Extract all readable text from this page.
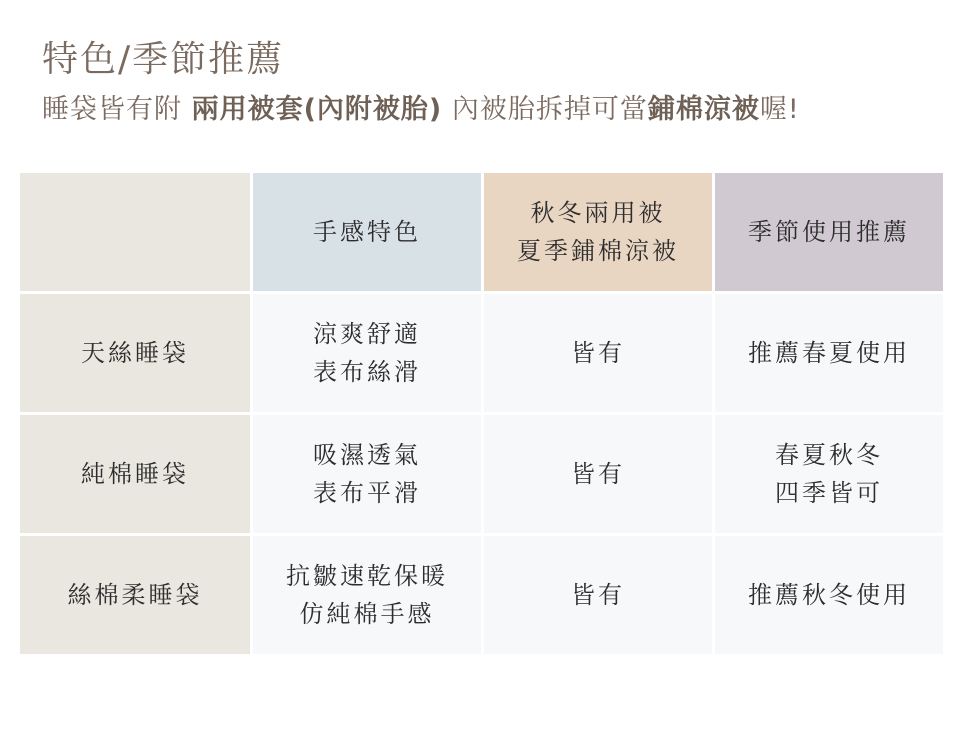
特色/季節推薦
睡袋皆有附 兩用被套(內附被胎) 內被胎拆掉可當鋪棉涼被喔!
手感特色
秋冬兩用被
夏季鋪棉涼被
季節使用推薦
天絲睡袋
涼爽舒適
表布絲滑
皆有	推薦春夏使用
純棉睡袋
吸濕透氣
表布平滑
皆有
春夏秋冬
四季皆可
絲棉柔睡袋
抗皺速乾保暖
仿純棉手感
皆有	推薦秋冬使用
